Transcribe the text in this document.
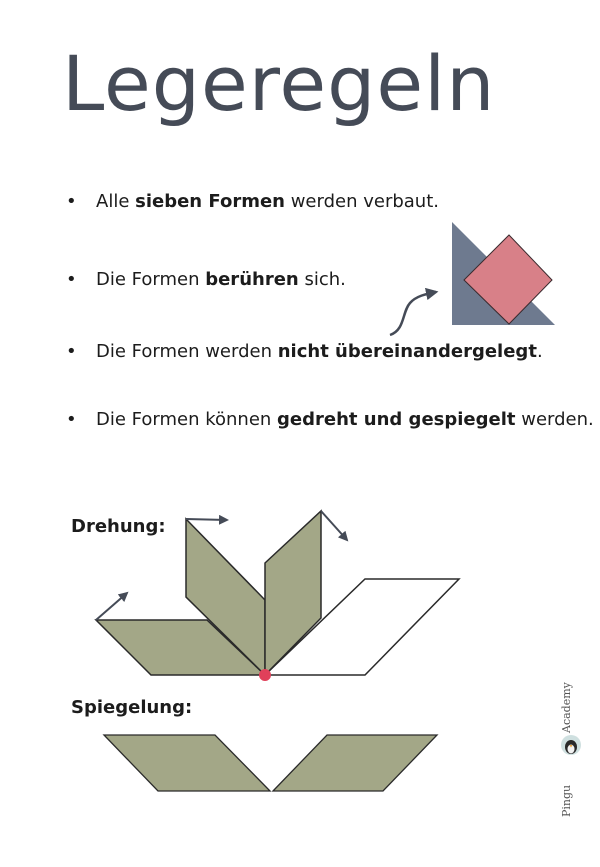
Legeregeln
• Alle sieben Formen werden verbaut.
• Die Formen berühren sich.
• Die Formen werden nicht übereinandergelegt.
• Die Formen können gedreht und gespiegelt werden.
Drehung:
Spiegelung:
Pingu
Academy
